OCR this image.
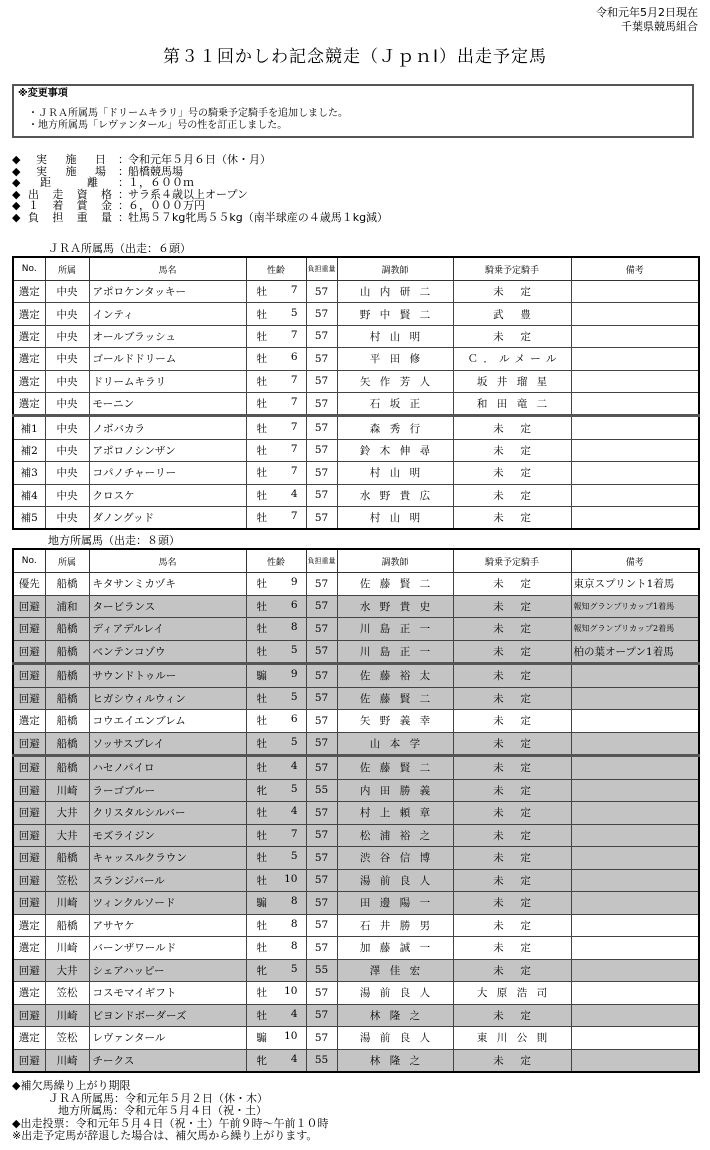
令和元年5月2日現在
千葉県競馬組合
第３１回かしわ記念競走（ＪｐｎⅠ）出走予定馬
※変更事項
・ＪＲＡ所属馬「ドリームキラリ」号の騎乗予定騎手を追加しました。
・地方所属馬「レヴァンタール」号の性を訂正しました。
◆	実 施 日 ： 令和元年５月６日（休・月）
◆	実 施 場 ： 船橋競馬場
◆	距	離 ： １，６００ｍ
◆ 出 走 資 格 ： サラ系４歳以上オープン
◆ １ 着 賞 金 ： ６，０００万円
◆ 負 担 重 量 ： 牡馬５７kg牝馬５５kg（南半球産の４歳馬１kg減）
ＪＲＡ所属馬（出走：６頭）
No.	所属	馬名	性齢	負担重量	調教師	騎乗予定騎手	備考
選定	中央	アポロケンタッキー	牡 7	57	山内研二	未定	
選定	中央	インティ	牡 5	57	野中賢二	武豊	
選定	中央	オールブラッシュ	牡 7	57	村山明	未定	
選定	中央	ゴールドドリーム	牡 6	57	平田修	Ｃ．ルメール	
選定	中央	ドリームキラリ	牡 7	57	矢作芳人	坂井瑠星	
選定	中央	モーニン	牡 7	57	石坂正	和田竜二	
補1	中央	ノボバカラ	牡 7	57	森秀行	未定	
補2	中央	アポロノシンザン	牡 7	57	鈴木伸尋	未定	
補3	中央	コパノチャーリー	牡 7	57	村山明	未定	
補4	中央	クロスケ	牡 4	57	水野貴広	未定	
補5	中央	ダノングッド	牡 7	57	村山明	未定	
地方所属馬（出走：８頭）
No.	所属	馬名	性齢	負担重量	調教師	騎乗予定騎手	備考
優先	船橋	キタサンミカヅキ	牡 9	57	佐藤賢二	未定	東京スプリント1着馬
回避	浦和	タービランス	牡 6	57	水野貴史	未定	報知グランプリカップ1着馬
回避	船橋	ディアデルレイ	牡 8	57	川島正一	未定	報知グランプリカップ2着馬
回避	船橋	ベンテンコゾウ	牡 5	57	川島正一	未定	柏の葉オープン1着馬
回避	船橋	サウンドトゥルー	騸 9	57	佐藤裕太	未定	
回避	船橋	ヒガシウィルウィン	牡 5	57	佐藤賢二	未定	
選定	船橋	コウエイエンブレム	牡 6	57	矢野義幸	未定	
回避	船橋	ソッサスブレイ	牡 5	57	山本学	未定	
回避	船橋	ハセノパイロ	牡 4	57	佐藤賢二	未定	
回避	川崎	ラーゴブルー	牝 5	55	内田勝義	未定	
回避	大井	クリスタルシルバー	牡 4	57	村上頼章	未定	
回避	大井	モズライジン	牡 7	57	松浦裕之	未定	
回避	船橋	キャッスルクラウン	牡 5	57	渋谷信博	未定	
回避	笠松	スランジバール	牡 10	57	湯前良人	未定	
回避	川崎	ツィンクルソード	騸 8	57	田邊陽一	未定	
選定	船橋	アサヤケ	牡 8	57	石井勝男	未定	
選定	川崎	バーンザワールド	牡 8	57	加藤誠一	未定	
回避	大井	シェアハッピー	牝 5	55	澤佳宏	未定	
選定	笠松	コスモマイギフト	牡 10	57	湯前良人	大原浩司	
回避	川崎	ビヨンドボーダーズ	牡 4	57	林隆之	未定	
選定	笠松	レヴァンタール	騸 10	57	湯前良人	東川公則	
回避	川崎	チークス	牝 4	55	林隆之	未定	
◆補欠馬繰り上がり期限
ＪＲＡ所属馬：令和元年５月２日（休・木）
地方所属馬：令和元年５月４日（祝・土）
◆出走投票：令和元年５月４日（祝・土）午前９時～午前１０時
※出走予定馬が辞退した場合は、補欠馬から繰り上がります。
